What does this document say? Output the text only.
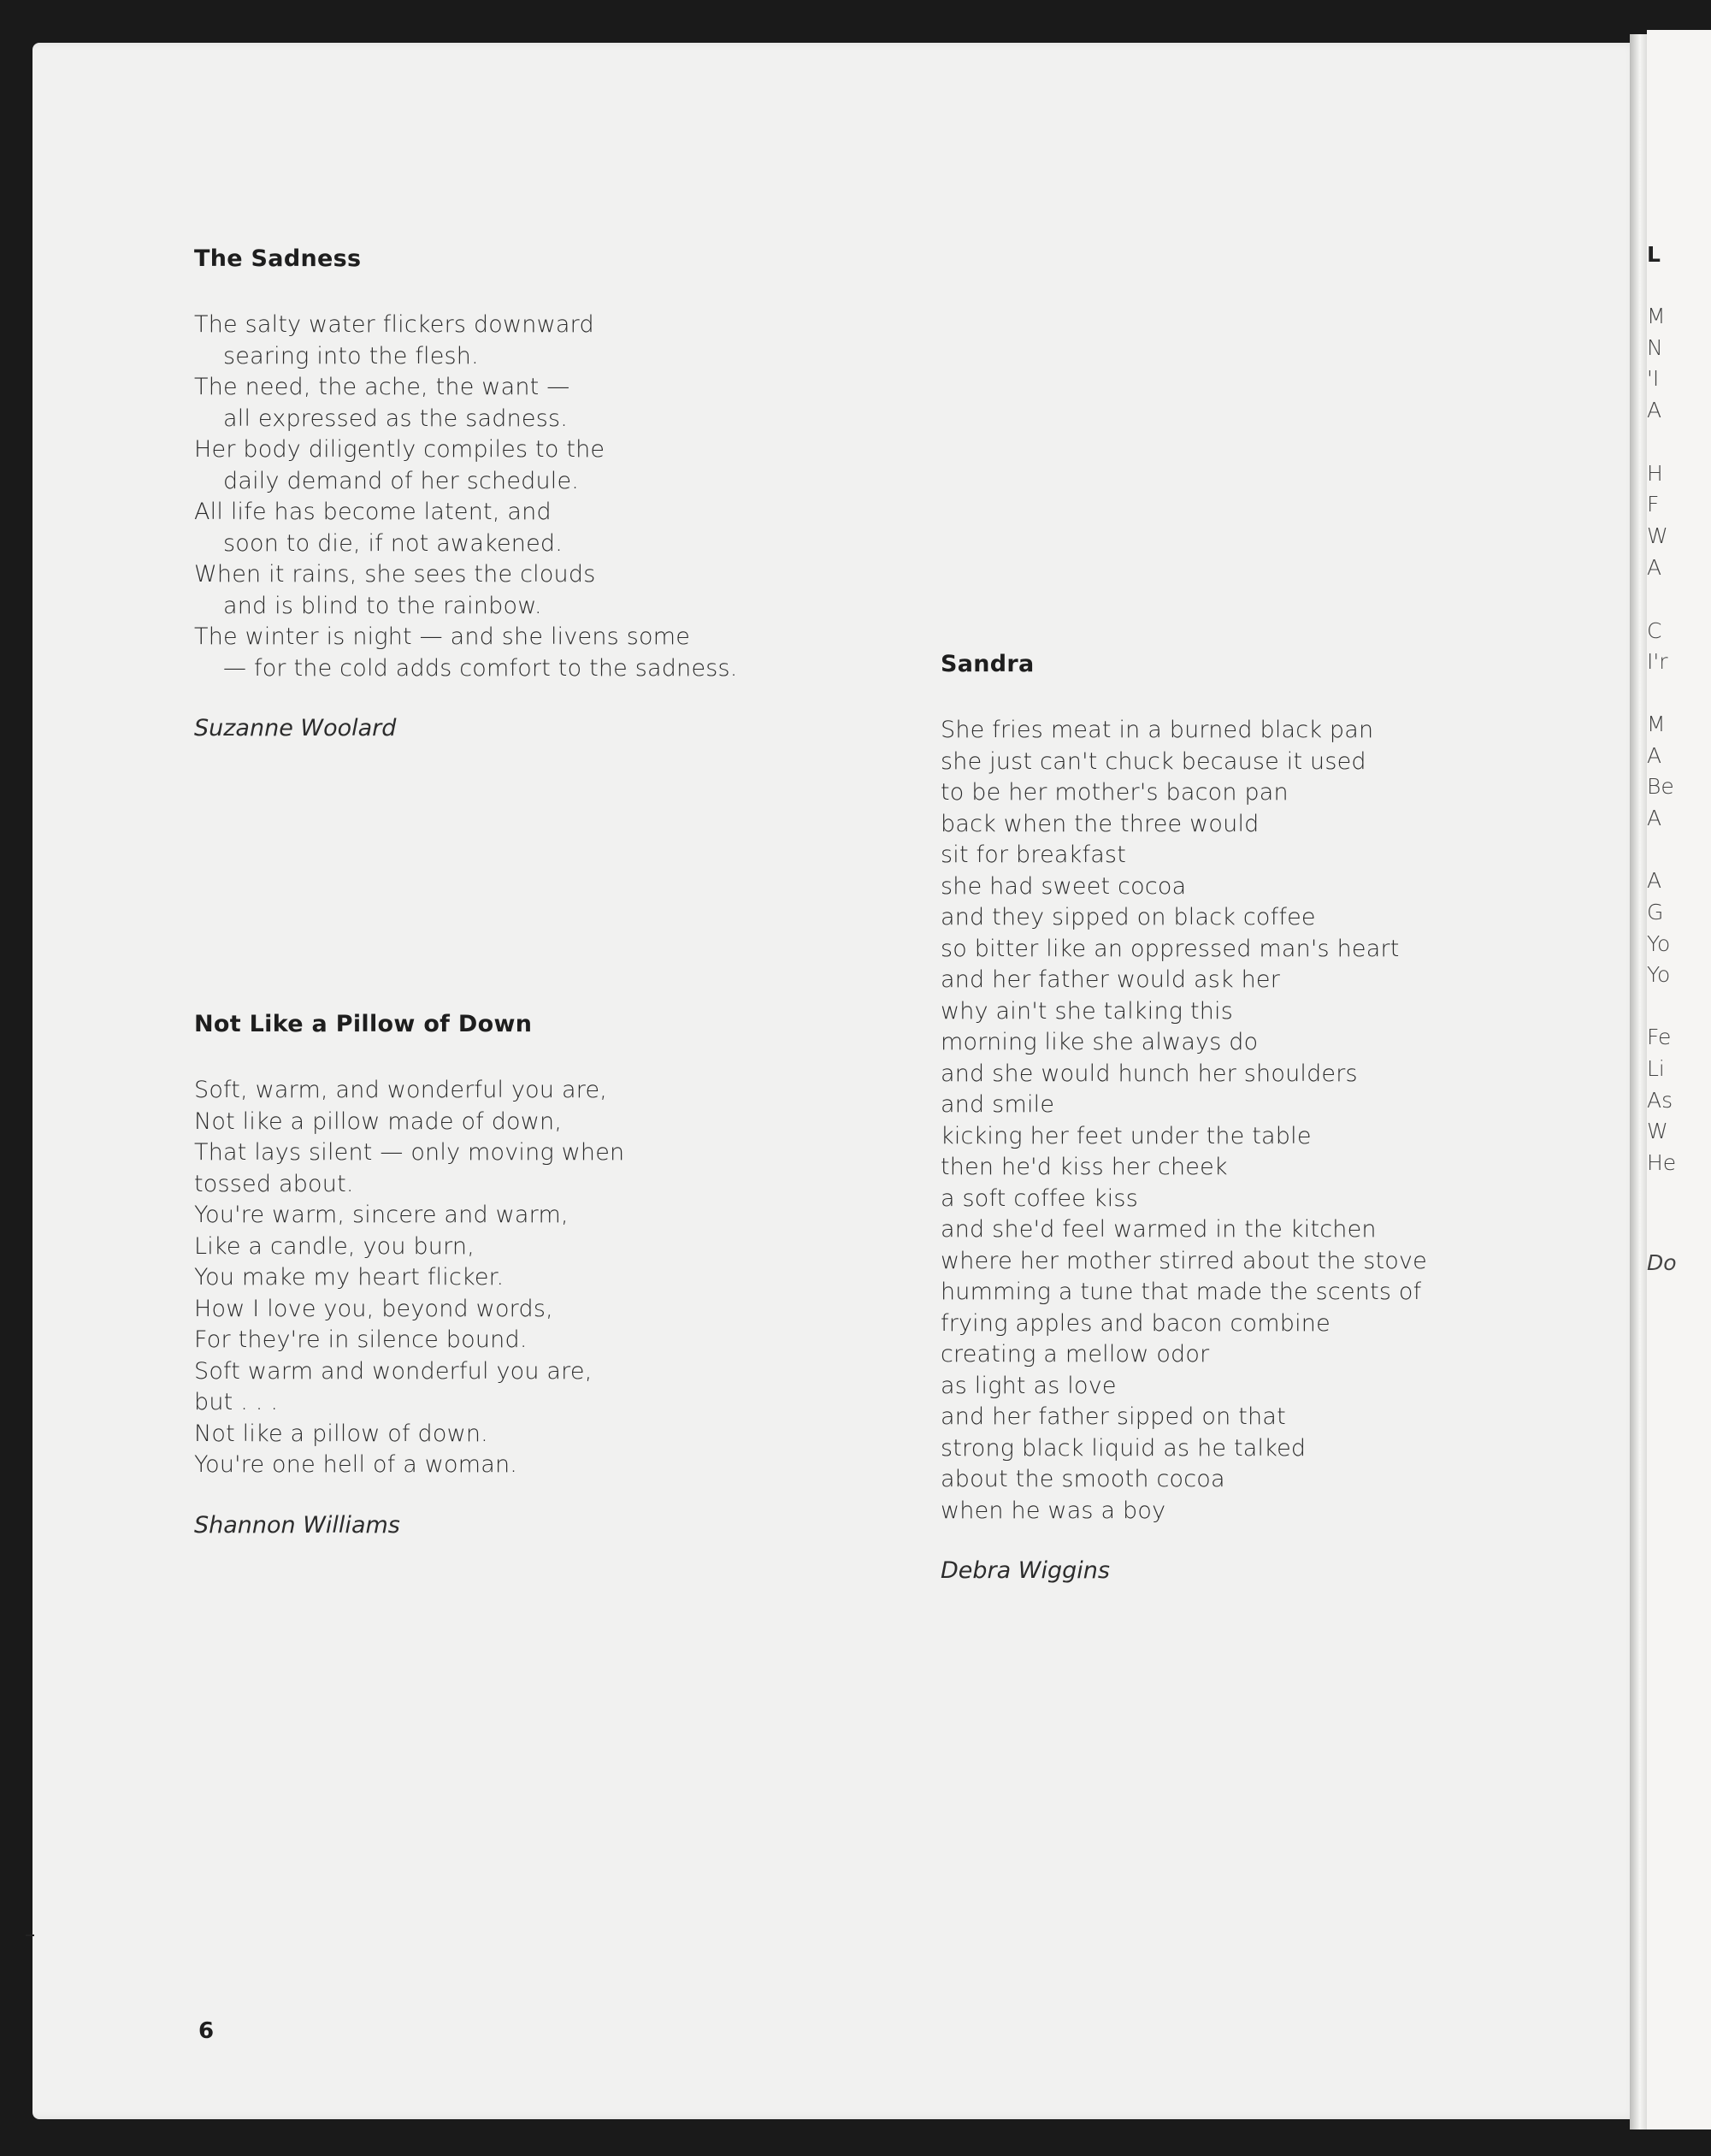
L

M

N

'I

A

H

F

W

A

C

I'r

M

A

Be

A

A

G

Yo

Yo

Fe

Li

As

W

He

Do

The Sadness

The salty water flickers downward

searing into the flesh.

The need, the ache, the want —

all expressed as the sadness.

Her body diligently compiles to the

daily demand of her schedule.

All life has become latent, and

soon to die, if not awakened.

When it rains, she sees the clouds

and is blind to the rainbow.

The winter is night — and she livens some

— for the cold adds comfort to the sadness.

Suzanne Woolard

Not Like a Pillow of Down

Soft, warm, and wonderful you are,

Not like a pillow made of down,

That lays silent — only moving when

tossed about.

You're warm, sincere and warm,

Like a candle, you burn,

You make my heart flicker.

How I love you, beyond words,

For they're in silence bound.

Soft warm and wonderful you are,

but . . .

Not like a pillow of down.

You're one hell of a woman.

Shannon Williams

Sandra

She fries meat in a burned black pan

she just can't chuck because it used

to be her mother's bacon pan

back when the three would

sit for breakfast

she had sweet cocoa

and they sipped on black coffee

so bitter like an oppressed man's heart

and her father would ask her

why ain't she talking this

morning like she always do

and she would hunch her shoulders

and smile

kicking her feet under the table

then he'd kiss her cheek

a soft coffee kiss

and she'd feel warmed in the kitchen

where her mother stirred about the stove

humming a tune that made the scents of

frying apples and bacon combine

creating a mellow odor

as light as love

and her father sipped on that

strong black liquid as he talked

about the smooth cocoa

when he was a boy

Debra Wiggins

6
